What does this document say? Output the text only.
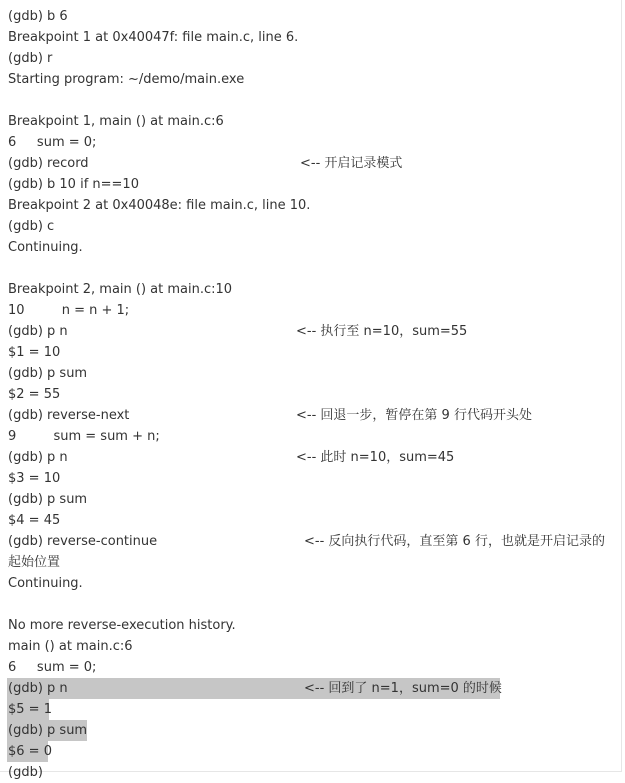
(gdb) b 6
Breakpoint 1 at 0x40047f: file main.c, line 6.
(gdb) r
Starting program: ~/demo/main.exe
Breakpoint 1, main () at main.c:6
6     sum = 0;
(gdb) record	<-- 开启记录模式
(gdb) b 10 if n==10
Breakpoint 2 at 0x40048e: file main.c, line 10.
(gdb) c
Continuing.
Breakpoint 2, main () at main.c:10
10         n = n + 1;
(gdb) p n	<-- 执行至 n=10，sum=55
$1 = 10
(gdb) p sum
$2 = 55
(gdb) reverse-next	<-- 回退一步，暂停在第 9 行代码开头处
9         sum = sum + n;
(gdb) p n	<-- 此时 n=10，sum=45
$3 = 10
(gdb) p sum
$4 = 45
(gdb) reverse-continue	<-- 反向执行代码，直至第 6 行，也就是开启记录的
起始位置
Continuing.
No more reverse-execution history.
main () at main.c:6
6     sum = 0;
(gdb) p n	<-- 回到了 n=1，sum=0 的时候
$5 = 1
(gdb) p sum
$6 = 0
(gdb)
